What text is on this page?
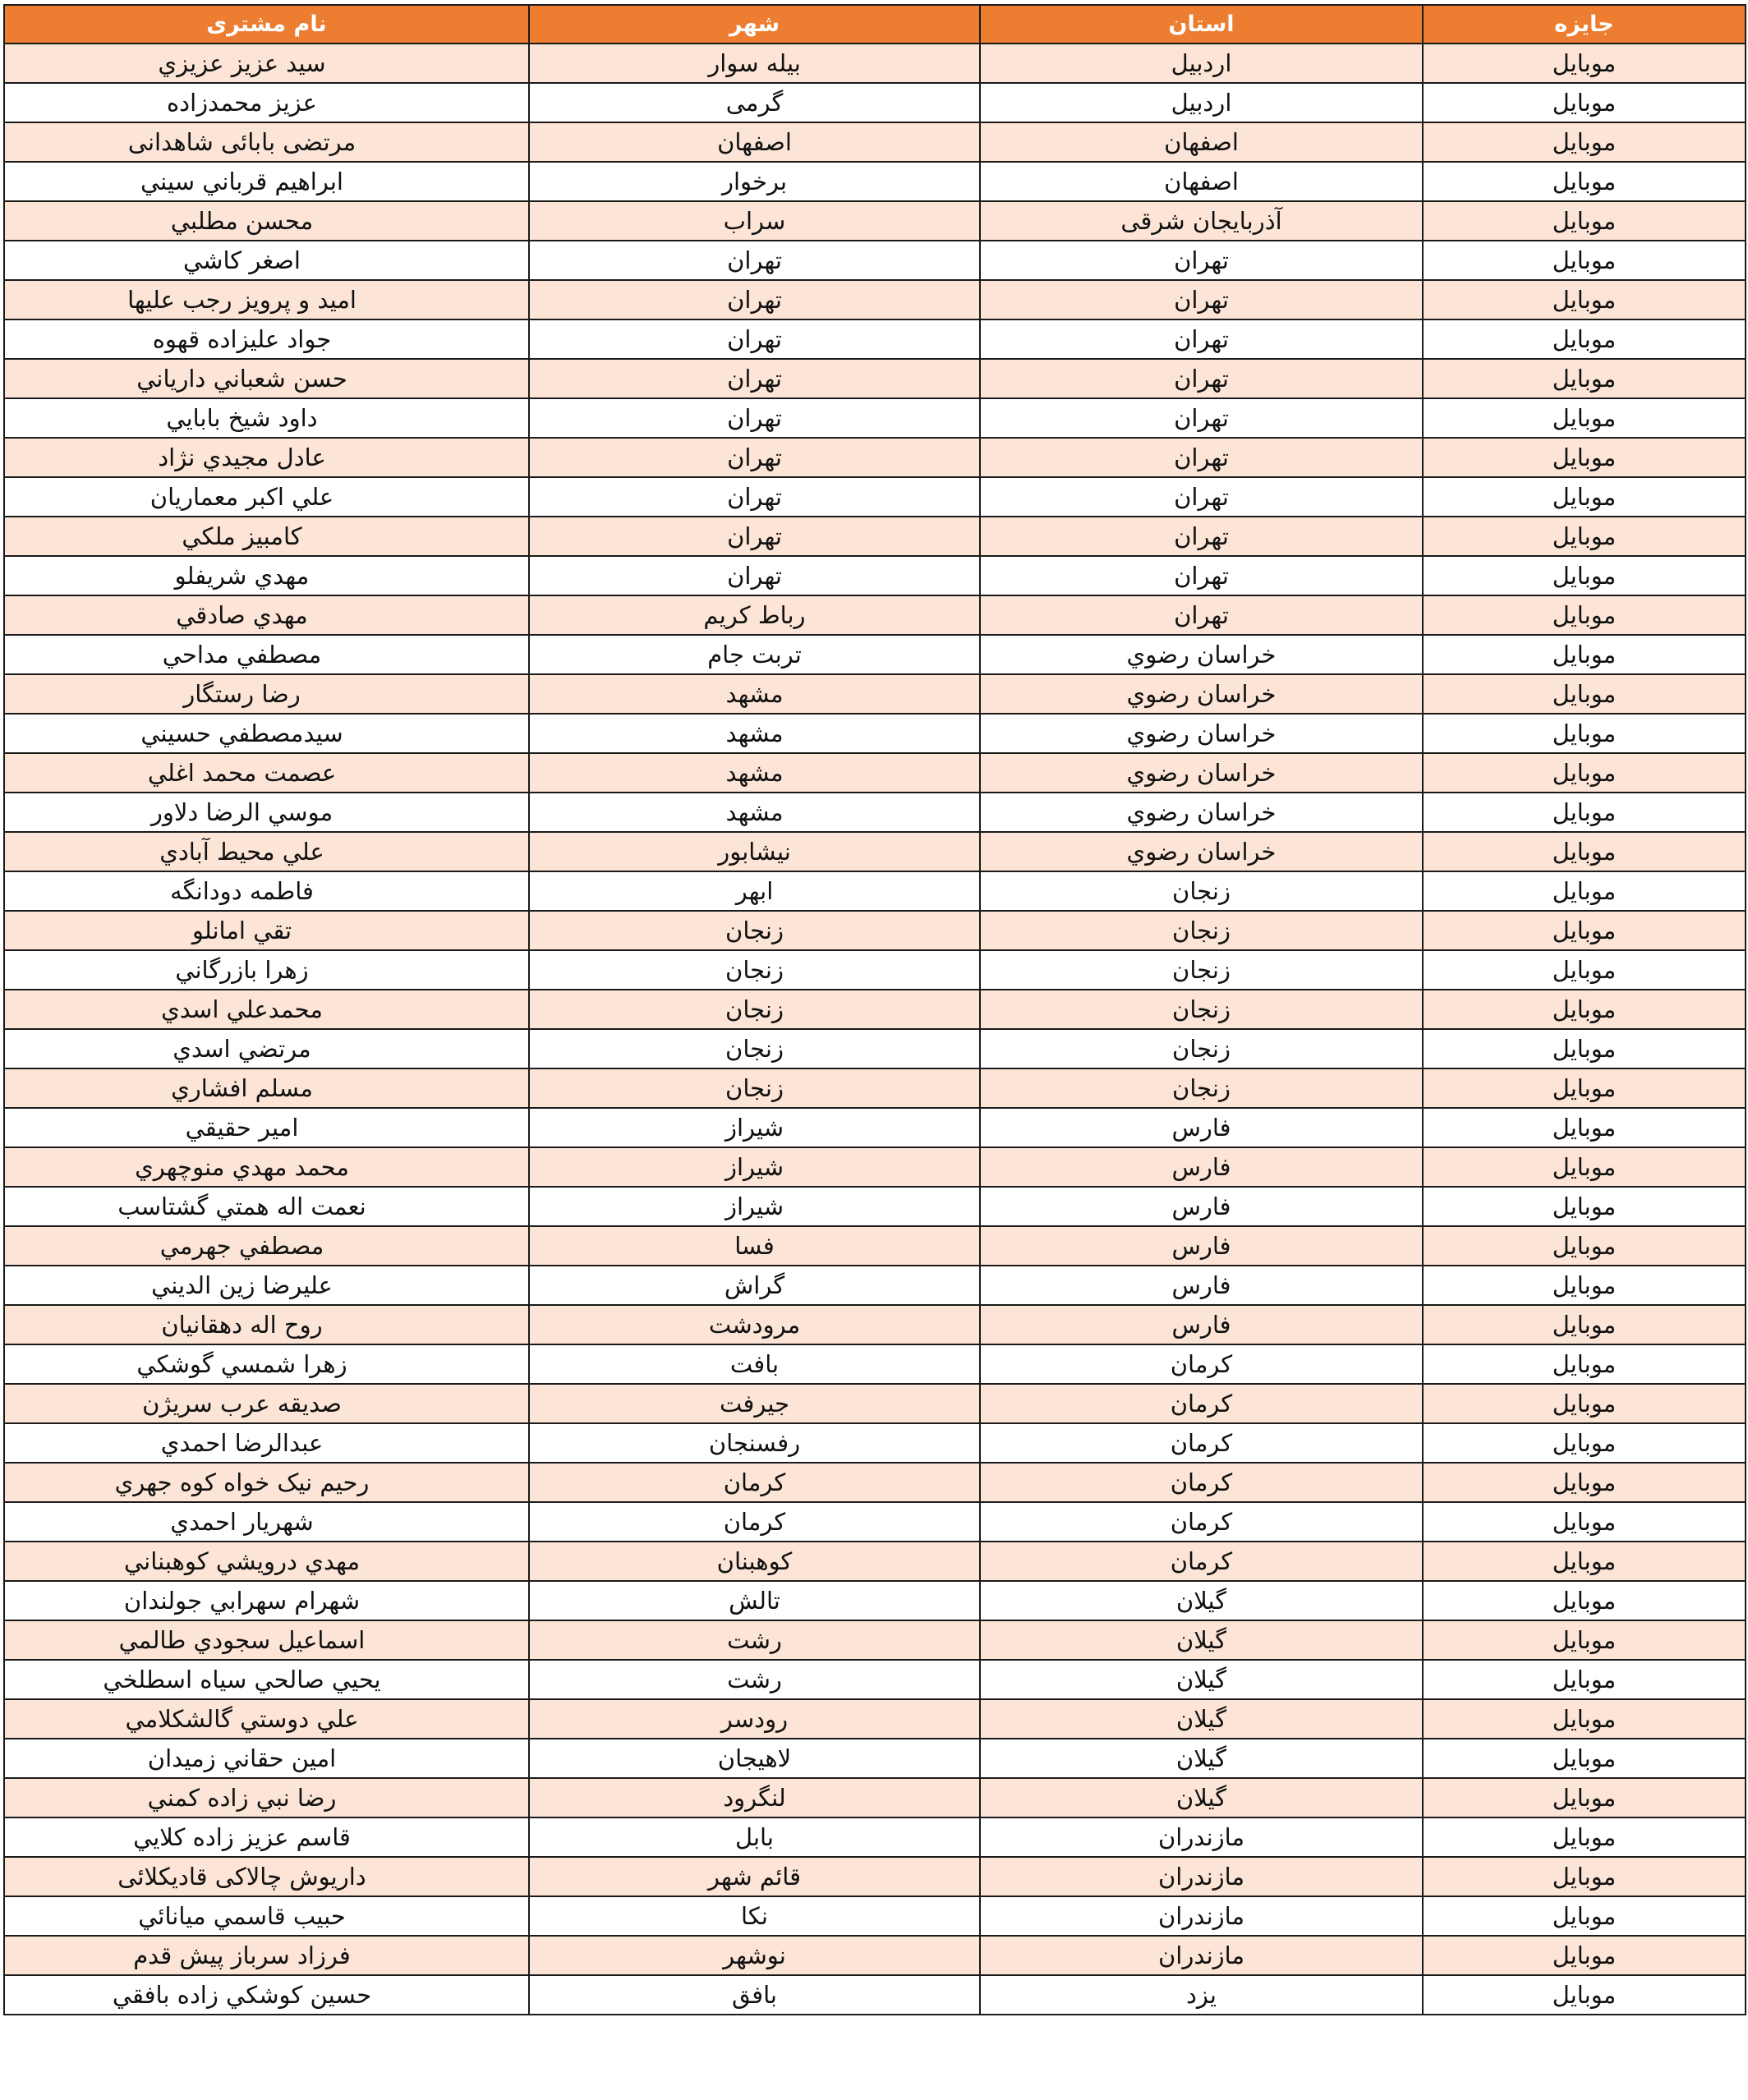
جایزه	استان	شهر	نام مشتری
موبایل	اردبیل	بیله سوار	سيد عزيز عزيزي
موبایل	اردبیل	گرمی	عزيز محمدزاده
موبایل	اصفهان	اصفهان	مرتضی بابائی شاهدانی
موبایل	اصفهان	برخوار	ابراهيم قرباني سيني
موبایل	آذربایجان شرقی	سراب	محسن مطلبي
موبایل	تهران	تهران	اصغر كاشي
موبایل	تهران	تهران	امید و پرویز رجب علیها
موبایل	تهران	تهران	جواد عليزاده قهوه
موبایل	تهران	تهران	حسن شعباني دارياني
موبایل	تهران	تهران	داود شيخ بابايي
موبایل	تهران	تهران	عادل مجيدي نژاد
موبایل	تهران	تهران	علي اكبر معماريان
موبایل	تهران	تهران	كامبيز ملكي
موبایل	تهران	تهران	مهدي شريفلو
موبایل	تهران	رباط کریم	مهدي صادقي
موبایل	خراسان رضوي	تربت جام	مصطفي مداحي
موبایل	خراسان رضوي	مشهد	رضا رستگار
موبایل	خراسان رضوي	مشهد	سيدمصطفي حسيني
موبایل	خراسان رضوي	مشهد	عصمت محمد اغلي
موبایل	خراسان رضوي	مشهد	موسي الرضا دلاور
موبایل	خراسان رضوي	نيشابور	علي محيط آبادي
موبایل	زنجان	ابهر	فاطمه دودانگه
موبایل	زنجان	زنجان	تقي امانلو
موبایل	زنجان	زنجان	زهرا بازرگاني
موبایل	زنجان	زنجان	محمدعلي اسدي
موبایل	زنجان	زنجان	مرتضي اسدي
موبایل	زنجان	زنجان	مسلم افشاري
موبایل	فارس	شيراز	امير حقيقي
موبایل	فارس	شيراز	محمد مهدي منوچهري
موبایل	فارس	شيراز	نعمت اله همتي گشتاسب
موبایل	فارس	فسا	مصطفي جهرمي
موبایل	فارس	گراش	عليرضا زين الديني
موبایل	فارس	مرودشت	روح اله دهقانيان
موبایل	كرمان	بافت	زهرا شمسي گوشكي
موبایل	كرمان	جيرفت	صديقه عرب سريژن
موبایل	كرمان	رفسنجان	عبدالرضا احمدي
موبایل	كرمان	كرمان	رحيم نيک خواه كوه جهري
موبایل	كرمان	كرمان	شهريار احمدي
موبایل	كرمان	كوهبنان	مهدي درويشي كوهبناني
موبایل	گيلان	تالش	شهرام سهرابي جولندان
موبایل	گيلان	رشت	اسماعيل سجودي طالمي
موبایل	گيلان	رشت	يحيي صالحي سياه اسطلخي
موبایل	گيلان	رودسر	علي دوستي گالشكلامي
موبایل	گيلان	لاهيجان	امين حقاني زميدان
موبایل	گيلان	لنگرود	رضا نبي زاده كمني
موبایل	مازندران	بابل	قاسم عزيز زاده كلايي
موبایل	مازندران	قائم شهر	داریوش چالاکی قادیکلائی
موبایل	مازندران	نكا	حبيب قاسمي ميانائي
موبایل	مازندران	نوشهر	فرزاد سرباز پيش قدم
موبایل	يزد	بافق	حسين كوشكي زاده بافقي
